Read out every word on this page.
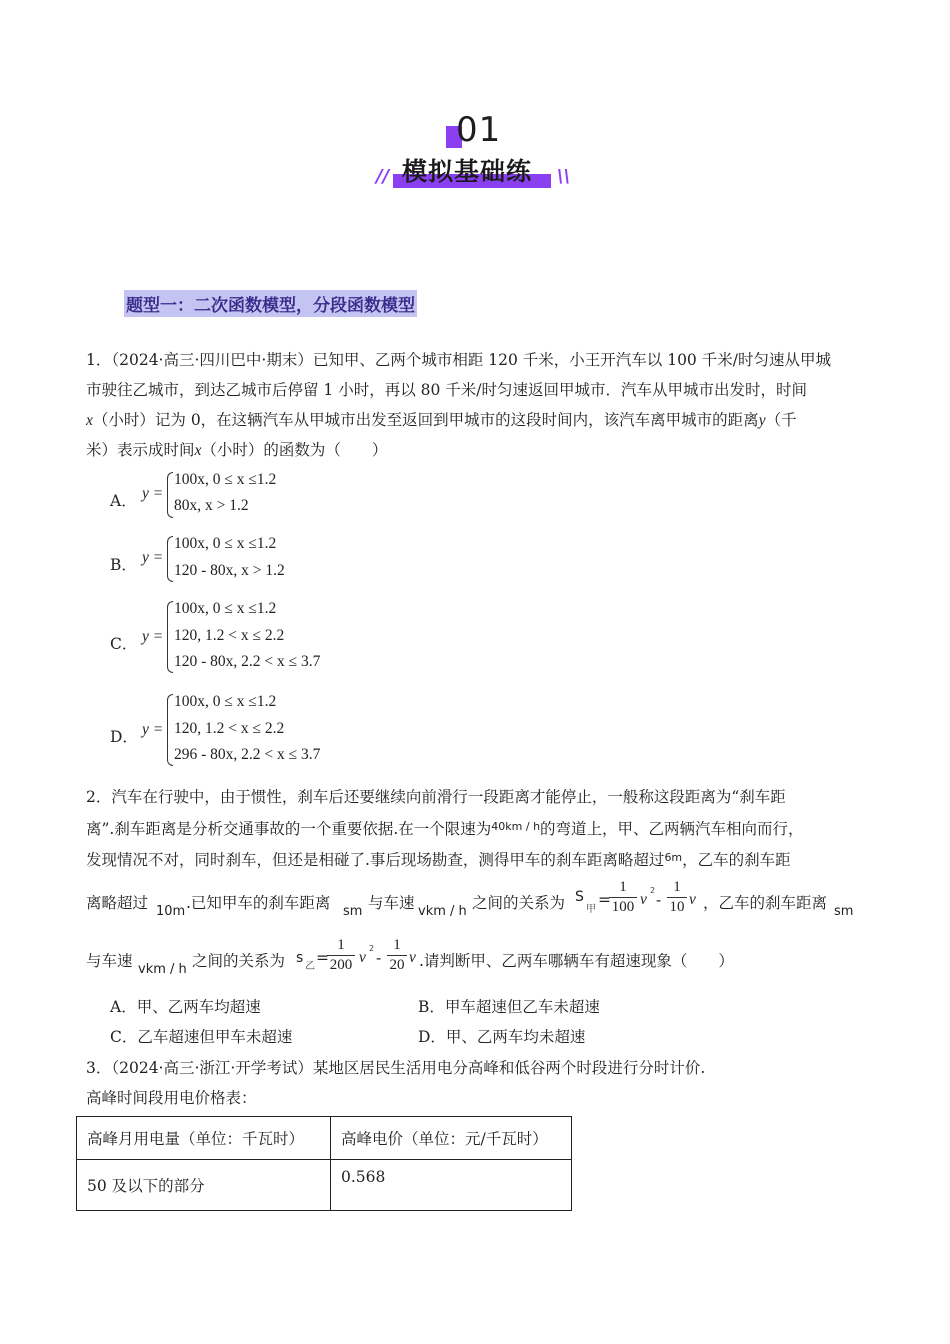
01
模拟基础练
//	\\
题型一：二次函数模型，分段函数模型
1．（2024·高三·四川巴中·期末）已知甲、乙两个城市相距 120 千米，小王开汽车以 100 千米/时匀速从甲城
市驶往乙城市，到达乙城市后停留 1 小时，再以 80 千米/时匀速返回甲城市．汽车从甲城市出发时，时间
x（小时）记为 0，在这辆汽车从甲城市出发至返回到甲城市的这段时间内，该汽车离甲城市的距离y（千
米）表示成时间x（小时）的函数为（　　）
A． y =
100x, 0 ≤ x ≤1.2
80x, x > 1.2
B． y =
100x, 0 ≤ x ≤1.2
120 - 80x, x > 1.2
C． y =
100x, 0 ≤ x ≤1.2
120, 1.2 < x ≤ 2.2
120 - 80x, 2.2 < x ≤ 3.7
D． y =
100x, 0 ≤ x ≤1.2
120, 1.2 < x ≤ 2.2
296 - 80x, 2.2 < x ≤ 3.7
2．汽车在行驶中，由于惯性，刹车后还要继续向前滑行一段距离才能停止，一般称这段距离为“刹车距
离”.刹车距离是分析交通事故的一个重要依据.在一个限速为$^{40km / h}$的弯道上，甲、乙两辆汽车相向而行，
发现情况不对，同时刹车，但还是相碰了.事后现场勘查，测得甲车的刹车距离略超过$^{6m}$，乙车的刹车距
离略超过 10m .已知甲车的刹车距离 sm 与车速 vkm / h 之间的关系为 S
甲
=
1
100 v
2
-
1
10 v ，乙车的刹车距离 sm
与车速 vkm / h 之间的关系为 s
乙 =
1
200 v
2
-
1
20 v .请判断甲、乙两车哪辆车有超速现象（　　）
A．甲、乙两车均超速	B．甲车超速但乙车未超速
C．乙车超速但甲车未超速	D．甲、乙两车均未超速
3．（2024·高三·浙江·开学考试）某地区居民生活用电分高峰和低谷两个时段进行分时计价.
高峰时间段用电价格表：
高峰月用电量（单位：千瓦时）	高峰电价（单位：元/千瓦时）
50 及以下的部分	0.568
